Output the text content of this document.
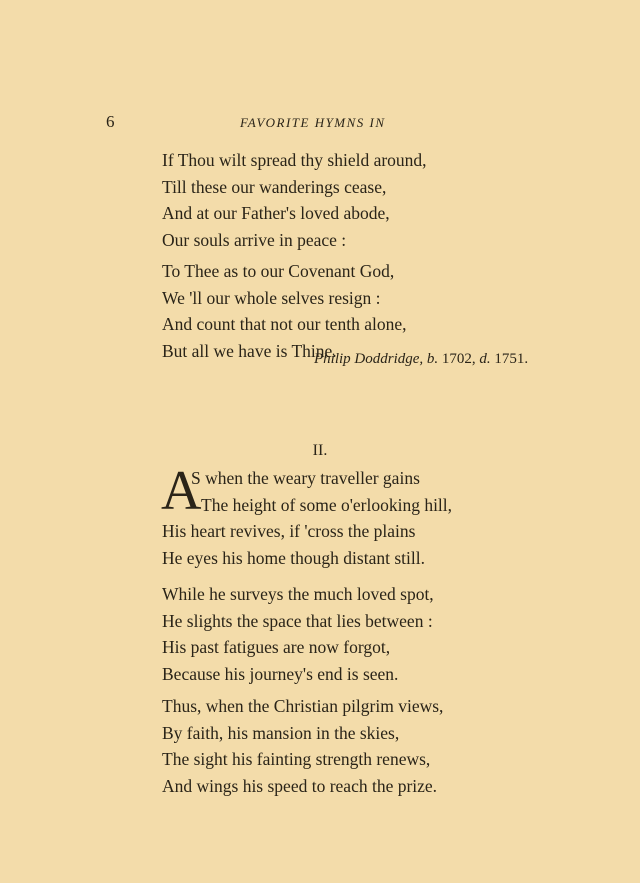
6	FAVORITE HYMNS IN
If Thou wilt spread thy shield around,
Till these our wanderings cease,
And at our Father's loved abode,
Our souls arrive in peace :
To Thee as to our Covenant God,
We 'll our whole selves resign :
And count that not our tenth alone,
But all we have is Thine.
Philip Doddridge, b. 1702, d. 1751.
II.
A
S when the weary traveller gains
The height of some o'erlooking hill,
His heart revives, if 'cross the plains
He eyes his home though distant still.
While he surveys the much loved spot,
He slights the space that lies between :
His past fatigues are now forgot,
Because his journey's end is seen.
Thus, when the Christian pilgrim views,
By faith, his mansion in the skies,
The sight his fainting strength renews,
And wings his speed to reach the prize.
